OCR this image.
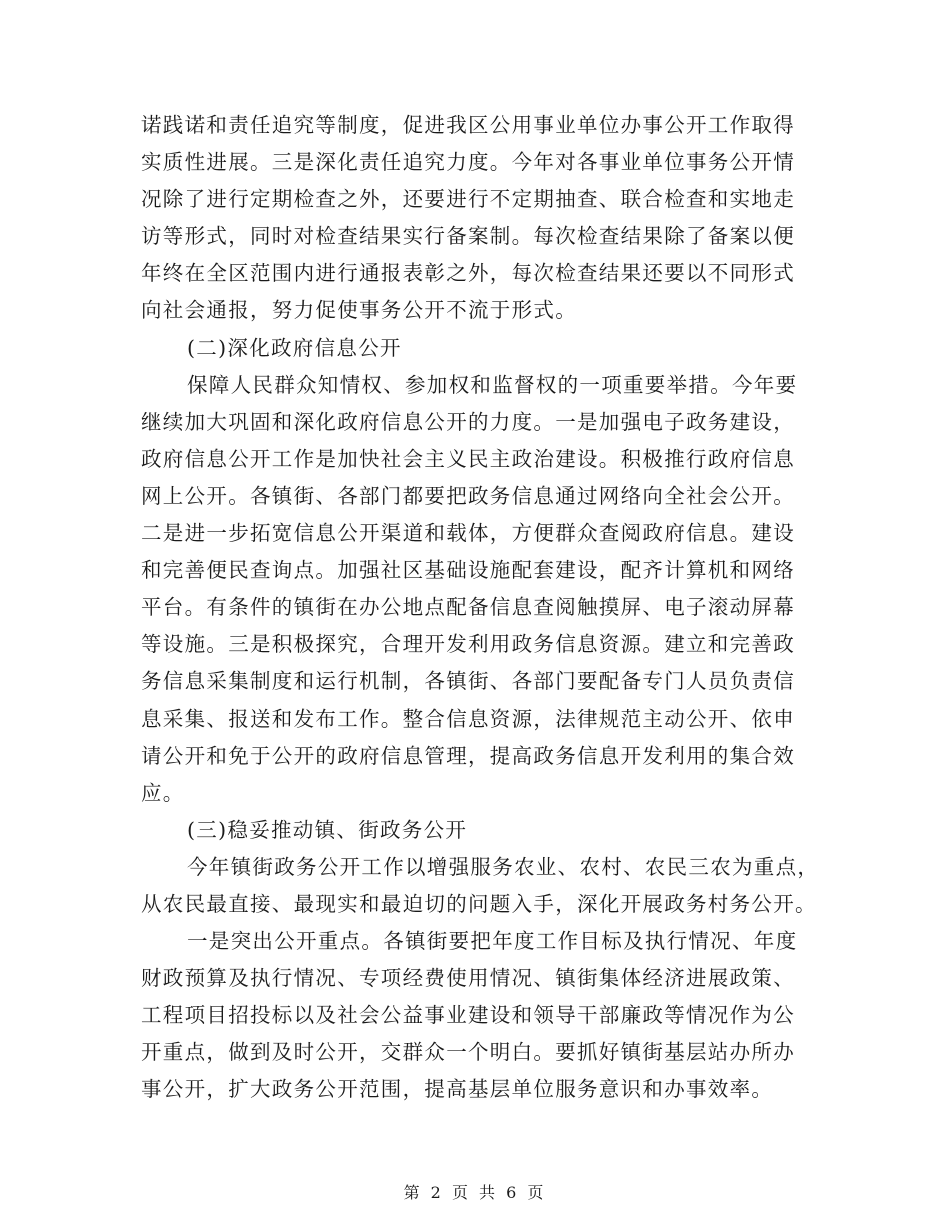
诺践诺和责任追究等制度，促进我区公用事业单位办事公开工作取得
实质性进展。三是深化责任追究力度。今年对各事业单位事务公开情
况除了进行定期检查之外，还要进行不定期抽查、联合检查和实地走
访等形式，同时对检查结果实行备案制。每次检查结果除了备案以便
年终在全区范围内进行通报表彰之外，每次检查结果还要以不同形式
向社会通报，努力促使事务公开不流于形式。
(二)深化政府信息公开
保障人民群众知情权、参加权和监督权的一项重要举措。今年要
继续加大巩固和深化政府信息公开的力度。一是加强电子政务建设，
政府信息公开工作是加快社会主义民主政治建设。积极推行政府信息
网上公开。各镇街、各部门都要把政务信息通过网络向全社会公开。
二是进一步拓宽信息公开渠道和载体，方便群众查阅政府信息。建设
和完善便民查询点。加强社区基础设施配套建设，配齐计算机和网络
平台。有条件的镇街在办公地点配备信息查阅触摸屏、电子滚动屏幕
等设施。三是积极探究，合理开发利用政务信息资源。建立和完善政
务信息采集制度和运行机制，各镇街、各部门要配备专门人员负责信
息采集、报送和发布工作。整合信息资源，法律规范主动公开、依申
请公开和免于公开的政府信息管理，提高政务信息开发利用的集合效
应。
(三)稳妥推动镇、街政务公开
今年镇街政务公开工作以增强服务农业、农村、农民三农为重点，
从农民最直接、最现实和最迫切的问题入手，深化开展政务村务公开。
一是突出公开重点。各镇街要把年度工作目标及执行情况、年度
财政预算及执行情况、专项经费使用情况、镇街集体经济进展政策、
工程项目招投标以及社会公益事业建设和领导干部廉政等情况作为公
开重点，做到及时公开，交群众一个明白。要抓好镇街基层站办所办
事公开，扩大政务公开范围，提高基层单位服务意识和办事效率。
第 2 页 共 6 页
